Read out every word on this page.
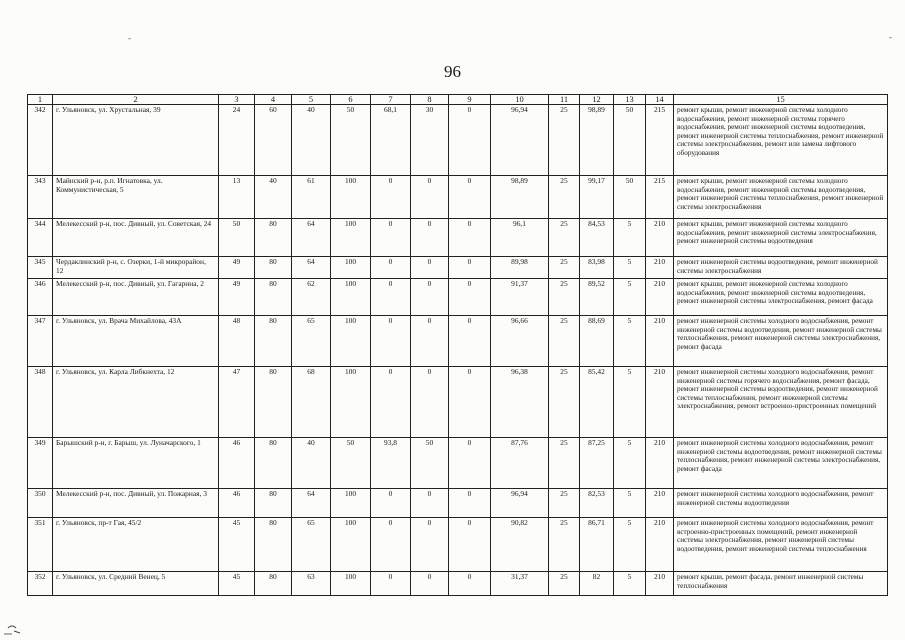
-	-
96
1	2	3	4	5	6	7	8	9	10	11	12	13	14	15
342	г. Ульяновск, ул. Хрустальная, 39	24	60	40	50	68,1	30	0	96,94	25	98,89	50	215	ремонт крыши, ремонт инженерной системы холодного водоснабжения, ремонт инженерной системы горячего водоснабжения, ремонт инженерной системы водоотведения, ремонт инженерной системы теплоснабжения, ремонт инженерной системы электроснабжения, ремонт или замена лифтового оборудования
343	Майнский р-н, р.п. Игнатовка, ул. Коммунистическая, 5	13	40	61	100	0	0	0	98,89	25	99,17	50	215	ремонт крыши, ремонт инженерной системы холодного водоснабжения, ремонт инженерной системы водоотведения, ремонт инженерной системы теплоснабжения, ремонт инженерной системы электроснабжения
344	Мелекесский р-н, пос. Дивный, ул. Советская, 24	50	80	64	100	0	0	0	96,1	25	84,53	5	210	ремонт крыши, ремонт инженерной системы холодного водоснабжения, ремонт инженерной системы электроснабжения, ремонт инженерной системы водоотведения
345	Чердаклинский р-н, с. Озерки, 1-й микрорайон, 12	49	80	64	100	0	0	0	89,98	25	83,98	5	210	ремонт инженерной системы водоотведения, ремонт инженерной системы электроснабжения
346	Мелекесский р-н, пос. Дивный, ул. Гагарина, 2	49	80	62	100	0	0	0	91,37	25	89,52	5	210	ремонт крыши, ремонт инженерной системы холодного водоснабжения, ремонт инженерной системы водоотведения, ремонт инженерной системы электроснабжения, ремонт фасада
347	г. Ульяновск, ул. Врача Михайлова, 43А	48	80	65	100	0	0	0	96,66	25	88,69	5	210	ремонт инженерной системы холодного водоснабжения, ремонт инженерной системы водоотведения, ремонт инженерной системы теплоснабжения, ремонт инженерной системы электроснабжения, ремонт фасада
348	г. Ульяновск, ул. Карла Либкнехта, 12	47	80	68	100	0	0	0	96,38	25	85,42	5	210	ремонт инженерной системы холодного водоснабжения, ремонт инженерной системы горячего водоснабжения, ремонт фасада, ремонт инженерной системы водоотведения, ремонт инженерной системы теплоснабжения, ремонт инженерной системы электроснабжения, ремонт встроенно-пристроенных помещений
349	Барышский р-н, г. Барыш, ул. Луначарского, 1	46	80	40	50	93,8	50	0	87,76	25	87,25	5	210	ремонт инженерной системы холодного водоснабжения, ремонт инженерной системы водоотведения, ремонт инженерной системы теплоснабжения, ремонт инженерной системы электроснабжения, ремонт фасада
350	Мелекесский р-н, пос. Дивный, ул. Пожарная, 3	46	80	64	100	0	0	0	96,94	25	82,53	5	210	ремонт инженерной системы холодного водоснабжения, ремонт инженерной системы водоотведения
351	г. Ульяновск, пр-т Гая, 45/2	45	80	65	100	0	0	0	90,82	25	86,71	5	210	ремонт инженерной системы холодного водоснабжения, ремонт встроенно-пристроенных помещений, ремонт инженерной системы электроснабжения, ремонт инженерной системы водоотведения, ремонт инженерной системы теплоснабжения
352	г. Ульяновск, ул. Средний Венец, 5	45	80	63	100	0	0	0	31,37	25	82	5	210	ремонт крыши, ремонт фасада, ремонт инженерной системы теплоснабжения
